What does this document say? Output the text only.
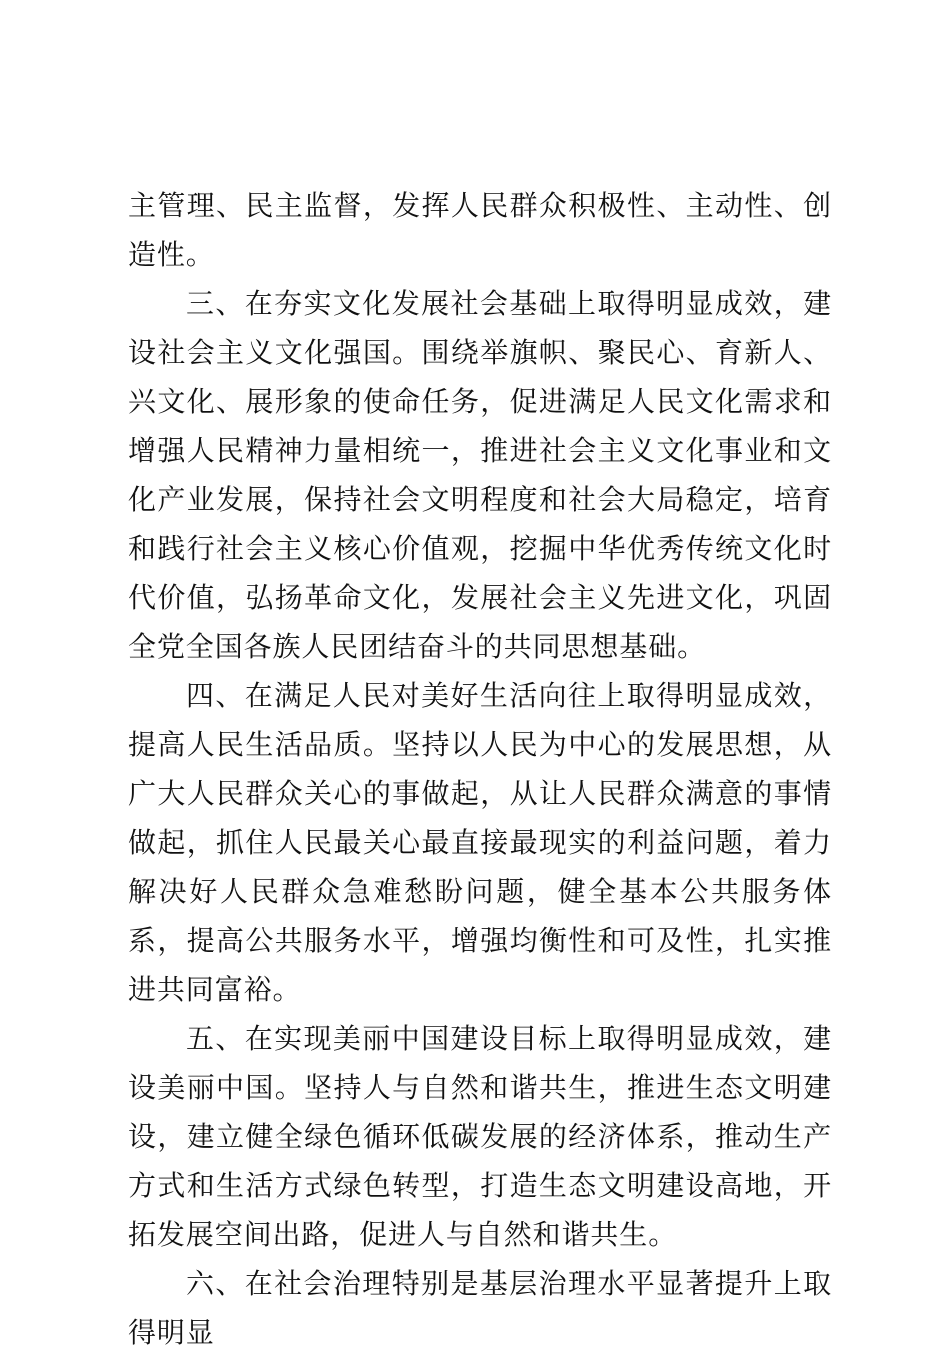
主管理、民主监督，发挥人民群众积极性、主动性、创造性。

三、在夯实文化发展社会基础上取得明显成效，建设社会主义文化强国。围绕举旗帜、聚民心、育新人、兴文化、展形象的使命任务，促进满足人民文化需求和增强人民精神力量相统一，推进社会主义文化事业和文化产业发展，保持社会文明程度和社会大局稳定，培育和践行社会主义核心价值观，挖掘中华优秀传统文化时代价值，弘扬革命文化，发展社会主义先进文化，巩固全党全国各族人民团结奋斗的共同思想基础。

四、在满足人民对美好生活向往上取得明显成效，提高人民生活品质。坚持以人民为中心的发展思想，从广大人民群众关心的事做起，从让人民群众满意的事情做起，抓住人民最关心最直接最现实的利益问题，着力解决好人民群众急难愁盼问题，健全基本公共服务体系，提高公共服务水平，增强均衡性和可及性，扎实推进共同富裕。

五、在实现美丽中国建设目标上取得明显成效，建设美丽中国。坚持人与自然和谐共生，推进生态文明建设，建立健全绿色循环低碳发展的经济体系，推动生产方式和生活方式绿色转型，打造生态文明建设高地，开拓发展空间出路，促进人与自然和谐共生。

六、在社会治理特别是基层治理水平显著提升上取得明显
